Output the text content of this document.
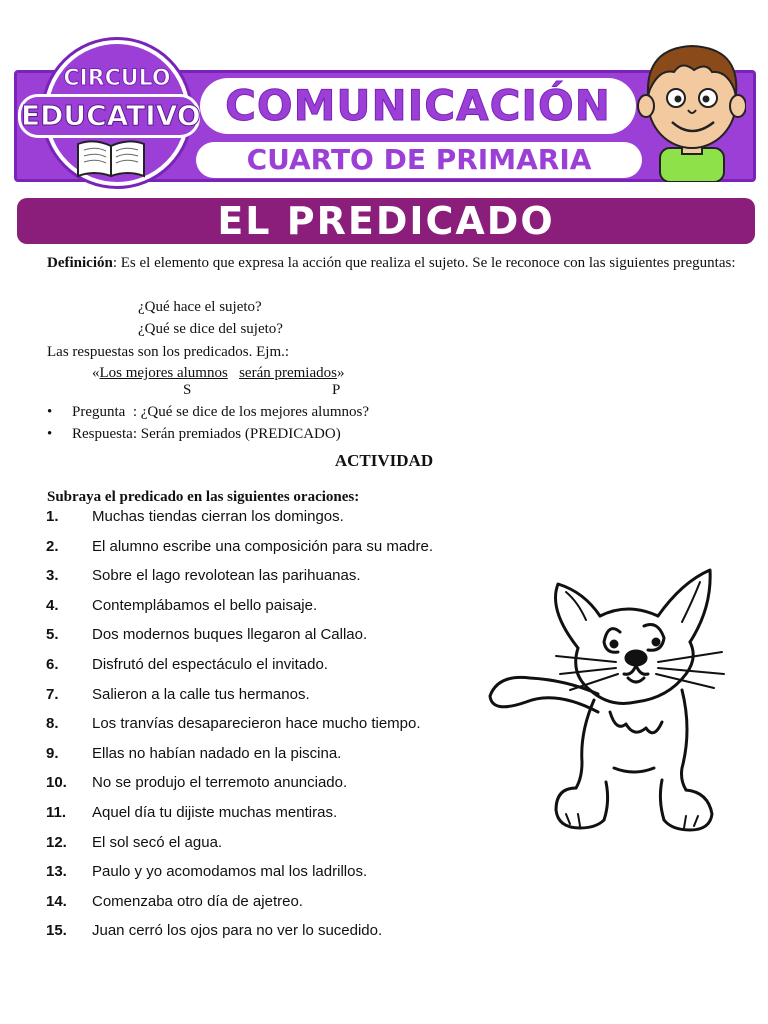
COMUNICACIÓN
CUARTO DE PRIMARIA
CIRCULO
EDUCATIVO
EL PREDICADO
Definición: Es el elemento que expresa la acción que realiza el sujeto. Se le reconoce con las siguientes preguntas:
¿Qué hace el sujeto?
¿Qué se dice del sujeto?
Las respuestas son los predicados. Ejm.:
«Los mejores alumnos serán premiados»
S	P
• Pregunta  : ¿Qué se dice de los mejores alumnos?
• Respuesta: Serán premiados (PREDICADO)
ACTIVIDAD
Subraya el predicado en las siguientes oraciones:
1. Muchas tiendas cierran los domingos.
2. El alumno escribe una composición para su madre.
3. Sobre el lago revolotean las parihuanas.
4. Contemplábamos el bello paisaje.
5. Dos modernos buques llegaron al Callao.
6. Disfrutó del espectáculo el invitado.
7. Salieron a la calle tus hermanos.
8. Los tranvías desaparecieron hace mucho tiempo.
9. Ellas no habían nadado en la piscina.
10. No se produjo el terremoto anunciado.
11. Aquel día tu dijiste muchas mentiras.
12. El sol secó el agua.
13. Paulo y yo acomodamos mal los ladrillos.
14. Comenzaba otro día de ajetreo.
15. Juan cerró los ojos para no ver lo sucedido.
